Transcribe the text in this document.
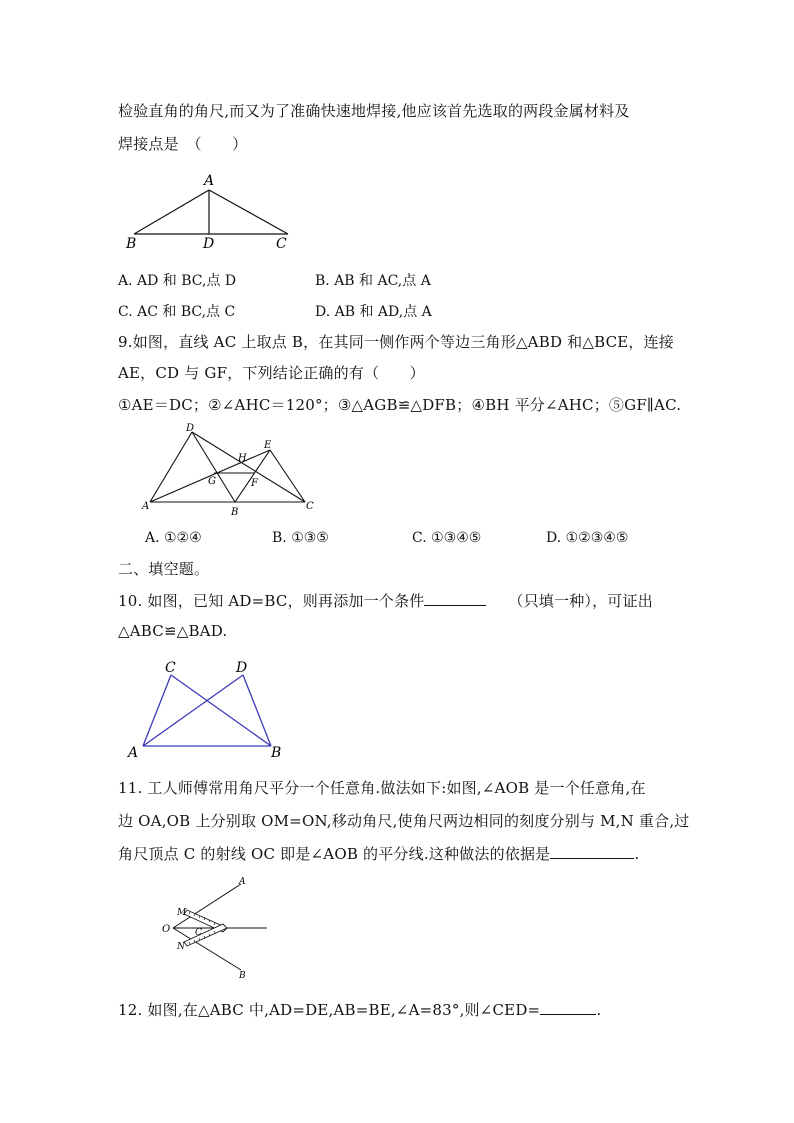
检验直角的角尺,而又为了准确快速地焊接,他应该首先选取的两段金属材料及
焊接点是　（　　）
A
B	D	C
A. AD 和 BC,点 D	B. AB 和 AC,点 A
C. AC 和 BC,点 C	D. AB 和 AD,点 A
9.如图，直线 AC 上取点 B，在其同一侧作两个等边三角形△ABD 和△BCE，连接
AE，CD 与 GF，下列结论正确的有（　　）
①AE＝DC；②∠AHC＝120°；③△AGB≌△DFB；④BH 平分∠AHC；⑤GF∥AC.
D
E
H
G	F
A
B
C
A. ①②④	B. ①③⑤	C. ①③④⑤	D. ①②③④⑤
二、填空题。
10. 如图，已知 AD=BC，则再添加一个条件	（只填一种），可证出
△ABC≌△BAD.
C	D
A	B
11. 工人师傅常用角尺平分一个任意角.做法如下:如图,∠AOB 是一个任意角,在
边 OA,OB 上分别取 OM=ON,移动角尺,使角尺两边相同的刻度分别与 M,N 重合,过
角尺顶点 C 的射线 OC 即是∠AOB 的平分线.这种做法的依据是	.
A
B
O
M
N
C
12. 如图,在△ABC 中,AD=DE,AB=BE,∠A=83°,则∠CED=	.
